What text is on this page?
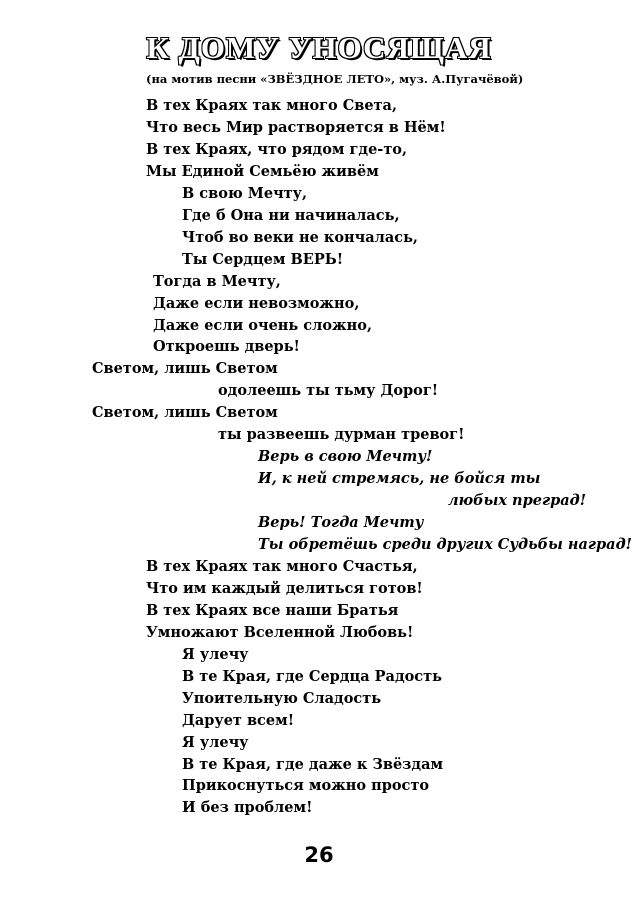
К ДОМУ УНОСЯЩАЯ
(на мотив песни «ЗВЁЗДНОЕ ЛЕТО», муз. А.Пугачёвой)
В тех Краях так много Света,
Что весь Мир растворяется в Нём!
В тех Краях, что рядом где-то,
Мы Единой Семьёю живём
В свою Мечту,
Где б Она ни начиналась,
Чтоб во веки не кончалась,
Ты Сердцем ВЕРЬ!
Тогда в Мечту,
Даже если невозможно,
Даже если очень сложно,
Откроешь дверь!
Светом, лишь Светом
одолеешь ты тьму Дорог!
Светом, лишь Светом
ты развеешь дурман тревог!
Верь в свою Мечту!
И, к ней стремясь, не бойся ты
любых преград!
Верь! Тогда Мечту
Ты обретёшь среди других Судьбы наград!
В тех Краях так много Счастья,
Что им каждый делиться готов!
В тех Краях все наши Братья
Умножают Вселенной Любовь!
Я улечу
В те Края, где Сердца Радость
Упоительную Сладость
Дарует всем!
Я улечу
В те Края, где даже к Звёздам
Прикоснуться можно просто
И без проблем!
26
